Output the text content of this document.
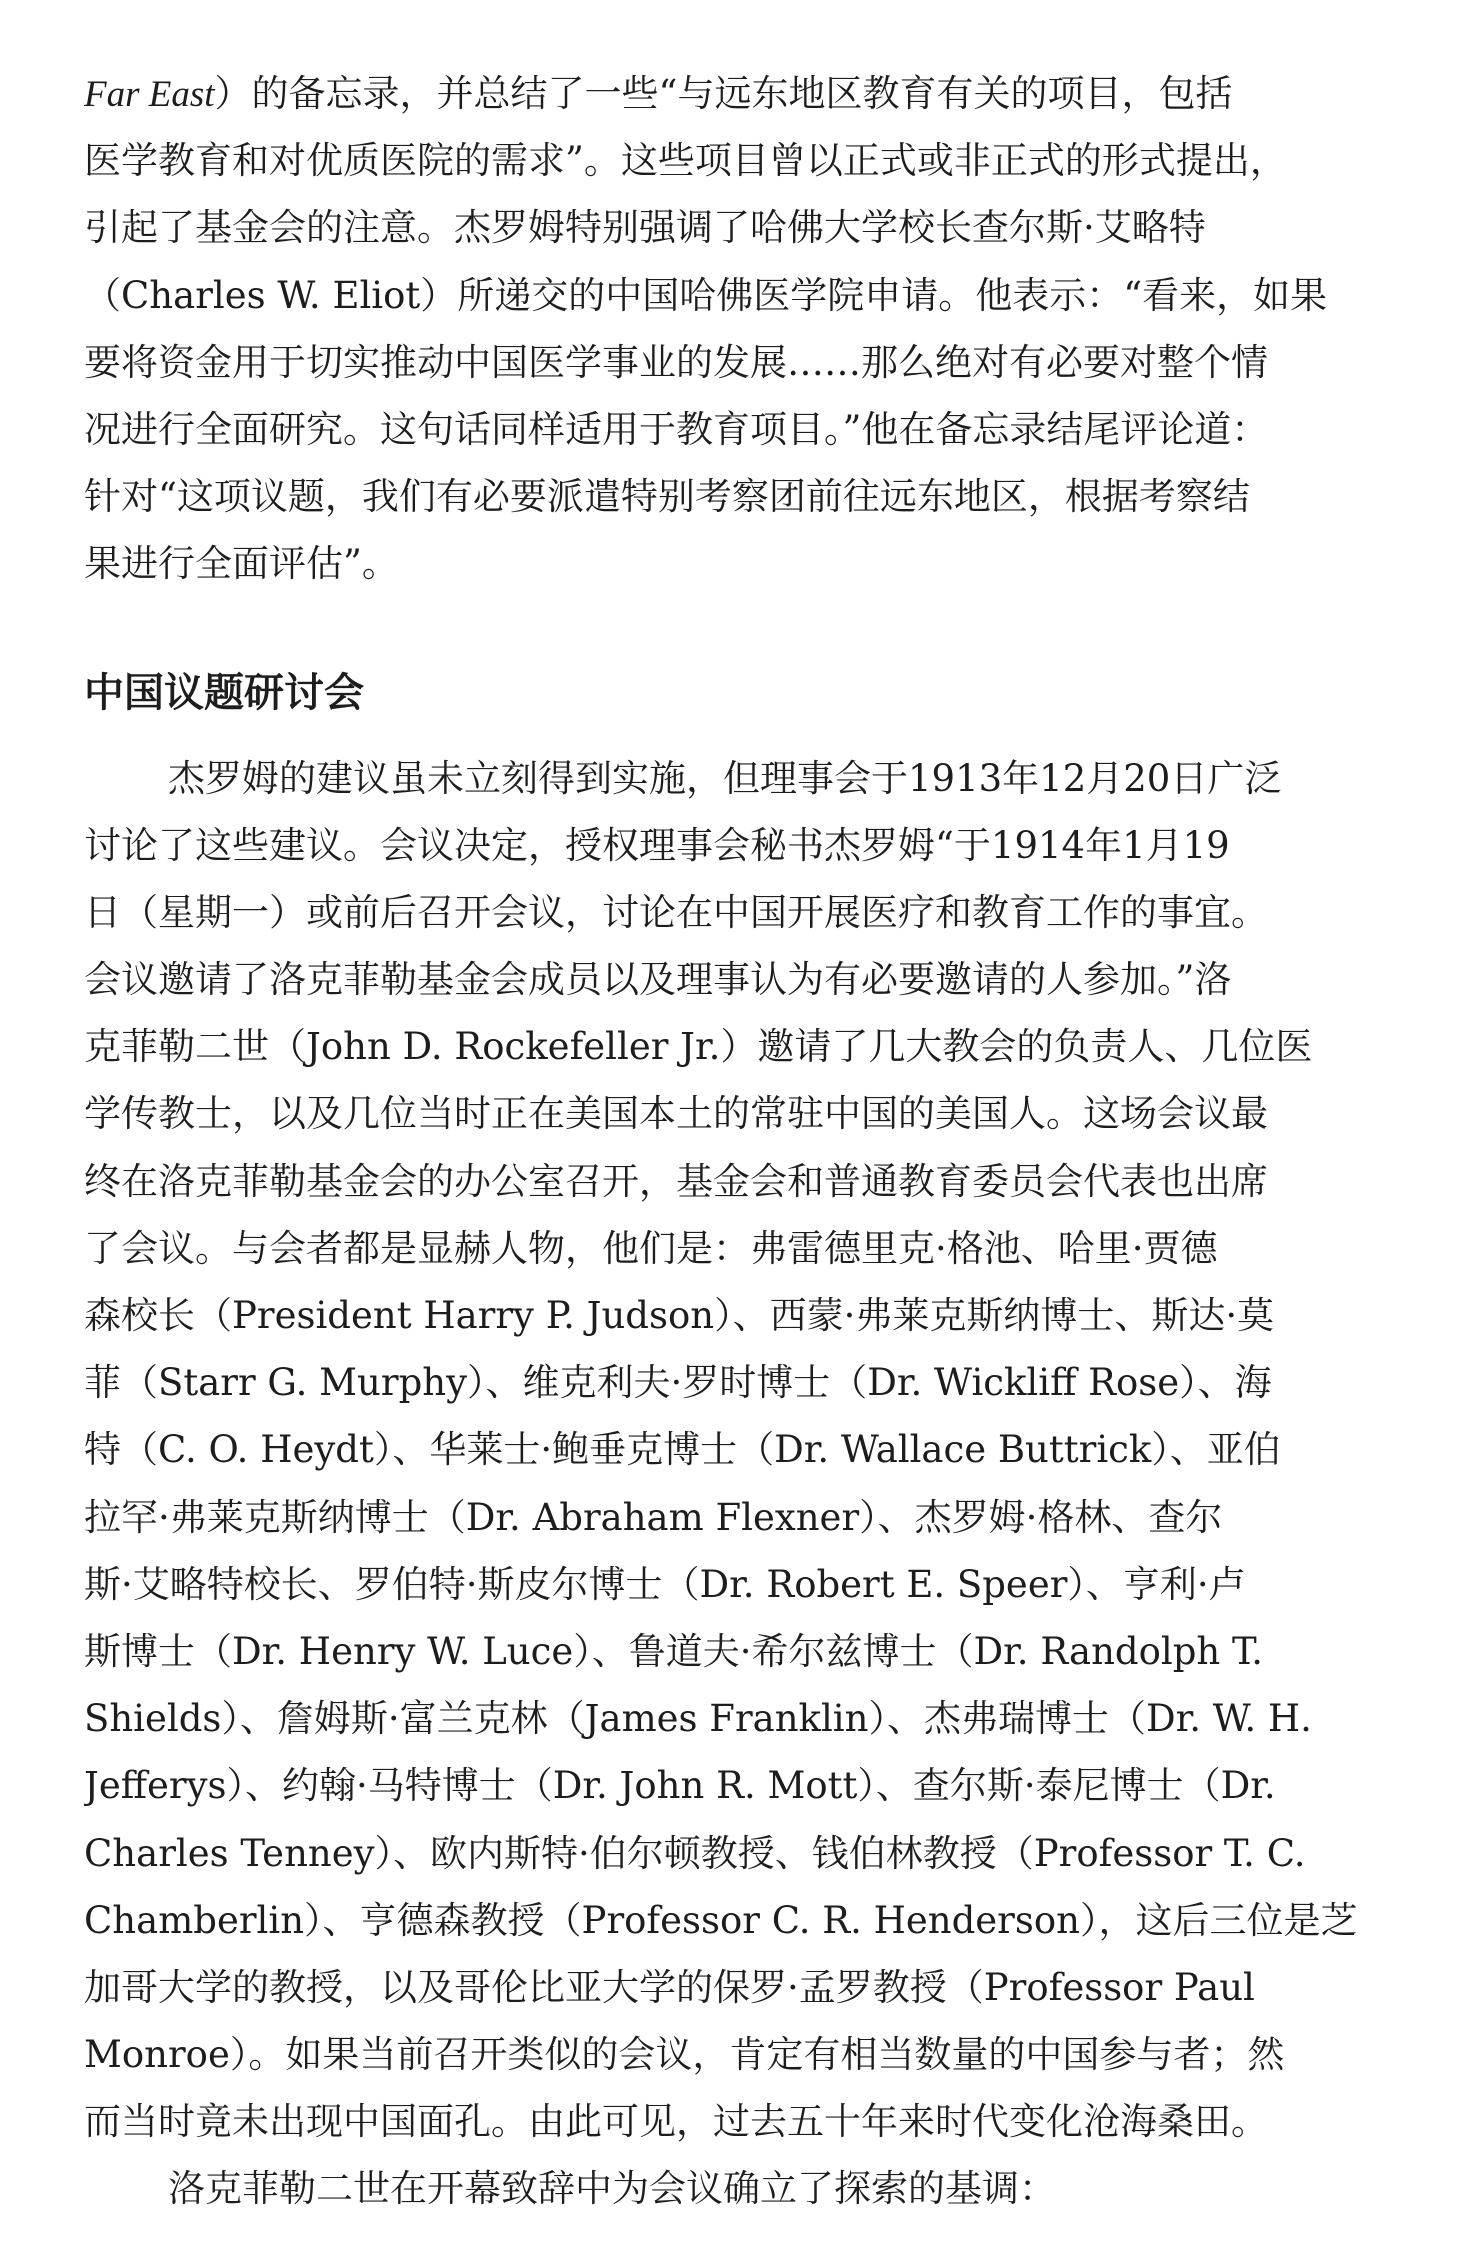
Far East）的备忘录，并总结了一些“与远东地区教育有关的项目，包括
医学教育和对优质医院的需求”。这些项目曾以正式或非正式的形式提出，
引起了基金会的注意。杰罗姆特别强调了哈佛大学校长查尔斯·艾略特
（Charles W. Eliot）所递交的中国哈佛医学院申请。他表示：“看来，如果
要将资金用于切实推动中国医学事业的发展……那么绝对有必要对整个情
况进行全面研究。这句话同样适用于教育项目。”他在备忘录结尾评论道：
针对“这项议题，我们有必要派遣特别考察团前往远东地区，根据考察结
果进行全面评估”。
中国议题研讨会
杰罗姆的建议虽未立刻得到实施，但理事会于1913年12月20日广泛
讨论了这些建议。会议决定，授权理事会秘书杰罗姆“于1914年1月19
日（星期一）或前后召开会议，讨论在中国开展医疗和教育工作的事宜。
会议邀请了洛克菲勒基金会成员以及理事认为有必要邀请的人参加。”洛
克菲勒二世（John D. Rockefeller Jr.）邀请了几大教会的负责人、几位医
学传教士，以及几位当时正在美国本土的常驻中国的美国人。这场会议最
终在洛克菲勒基金会的办公室召开，基金会和普通教育委员会代表也出席
了会议。与会者都是显赫人物，他们是：弗雷德里克·格池、哈里·贾德
森校长（President Harry P. Judson）、西蒙·弗莱克斯纳博士、斯达·莫
菲（Starr G. Murphy）、维克利夫·罗时博士（Dr. Wickliff Rose）、海
特（C. O. Heydt）、华莱士·鲍垂克博士（Dr. Wallace Buttrick）、亚伯
拉罕·弗莱克斯纳博士（Dr. Abraham Flexner）、杰罗姆·格林、查尔
斯·艾略特校长、罗伯特·斯皮尔博士（Dr. Robert E. Speer）、亨利·卢
斯博士（Dr. Henry W. Luce）、鲁道夫·希尔兹博士（Dr. Randolph T.
Shields）、詹姆斯·富兰克林（James Franklin）、杰弗瑞博士（Dr. W. H.
Jefferys）、约翰·马特博士（Dr. John R. Mott）、查尔斯·泰尼博士（Dr.
Charles Tenney）、欧内斯特·伯尔顿教授、钱伯林教授（Professor T. C.
Chamberlin）、亨德森教授（Professor C. R. Henderson），这后三位是芝
加哥大学的教授，以及哥伦比亚大学的保罗·孟罗教授（Professor Paul
Monroe）。如果当前召开类似的会议，肯定有相当数量的中国参与者；然
而当时竟未出现中国面孔。由此可见，过去五十年来时代变化沧海桑田。
洛克菲勒二世在开幕致辞中为会议确立了探索的基调：
